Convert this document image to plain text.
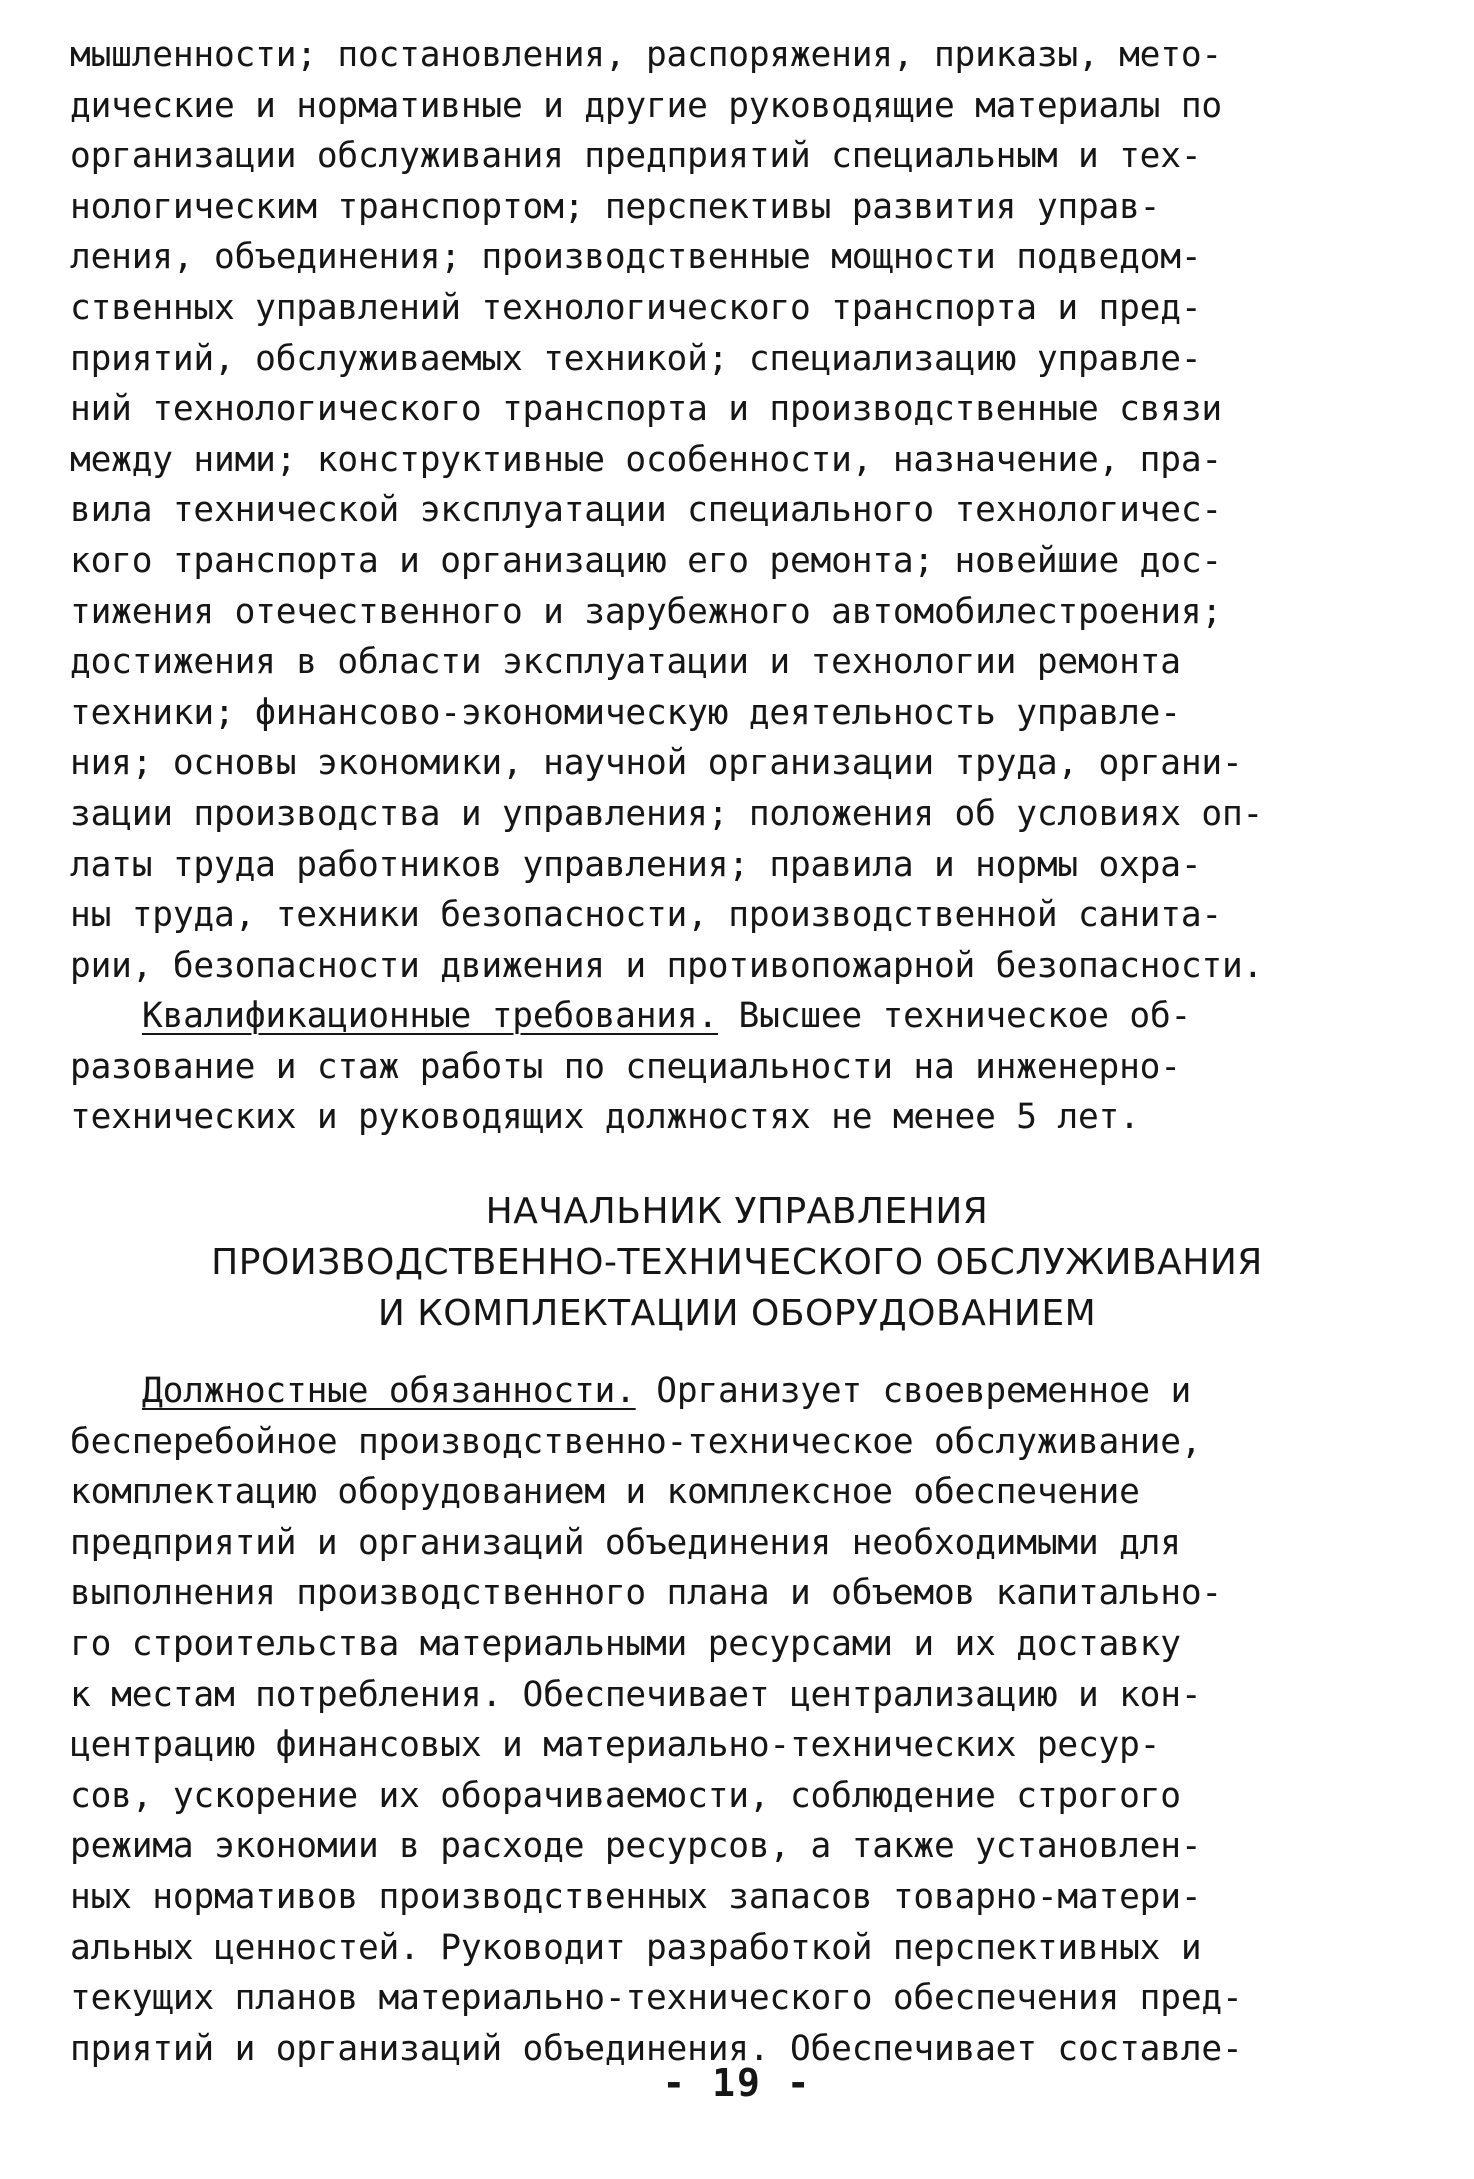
мышленности; постановления, распоряжения, приказы, мето-
дические и нормативные и другие руководящие материалы по
организации обслуживания предприятий специальным и тех-
нологическим транспортом; перспективы развития управ-
ления, объединения; производственные мощности подведом-
ственных управлений технологического транспорта и пред-
приятий, обслуживаемых техникой; специализацию управле-
ний технологического транспорта и производственные связи
между ними; конструктивные особенности, назначение, пра-
вила технической эксплуатации специального технологичес-
кого транспорта и организацию его ремонта; новейшие дос-
тижения отечественного и зарубежного автомобилестроения;
достижения в области эксплуатации и технологии ремонта
техники; финансово-экономическую деятельность управле-
ния; основы экономики, научной организации труда, органи-
зации производства и управления; положения об условиях оп-
латы труда работников управления; правила и нормы охра-
ны труда, техники безопасности, производственной санита-
рии, безопасности движения и противопожарной безопасности.
Квалификационные требования. Высшее техническое об-
разование и стаж работы по специальности на инженерно-
технических и руководящих должностях не менее 5 лет.
НАЧАЛЬНИК УПРАВЛЕНИЯ
ПРОИЗВОДСТВЕННО-ТЕХНИЧЕСКОГО ОБСЛУЖИВАНИЯ
И КОМПЛЕКТАЦИИ ОБОРУДОВАНИЕМ
Должностные обязанности. Организует своевременное и
бесперебойное производственно-техническое обслуживание,
комплектацию оборудованием и комплексное обеспечение
предприятий и организаций объединения необходимыми для
выполнения производственного плана и объемов капитально-
го строительства материальными ресурсами и их доставку
к местам потребления. Обеспечивает централизацию и кон-
центрацию финансовых и материально-технических ресур-
сов, ускорение их оборачиваемости, соблюдение строгого
режима экономии в расходе ресурсов, а также установлен-
ных нормативов производственных запасов товарно-матери-
альных ценностей. Руководит разработкой перспективных и
текущих планов материально-технического обеспечения пред-
приятий и организаций объединения. Обеспечивает составле-
- 19 -
